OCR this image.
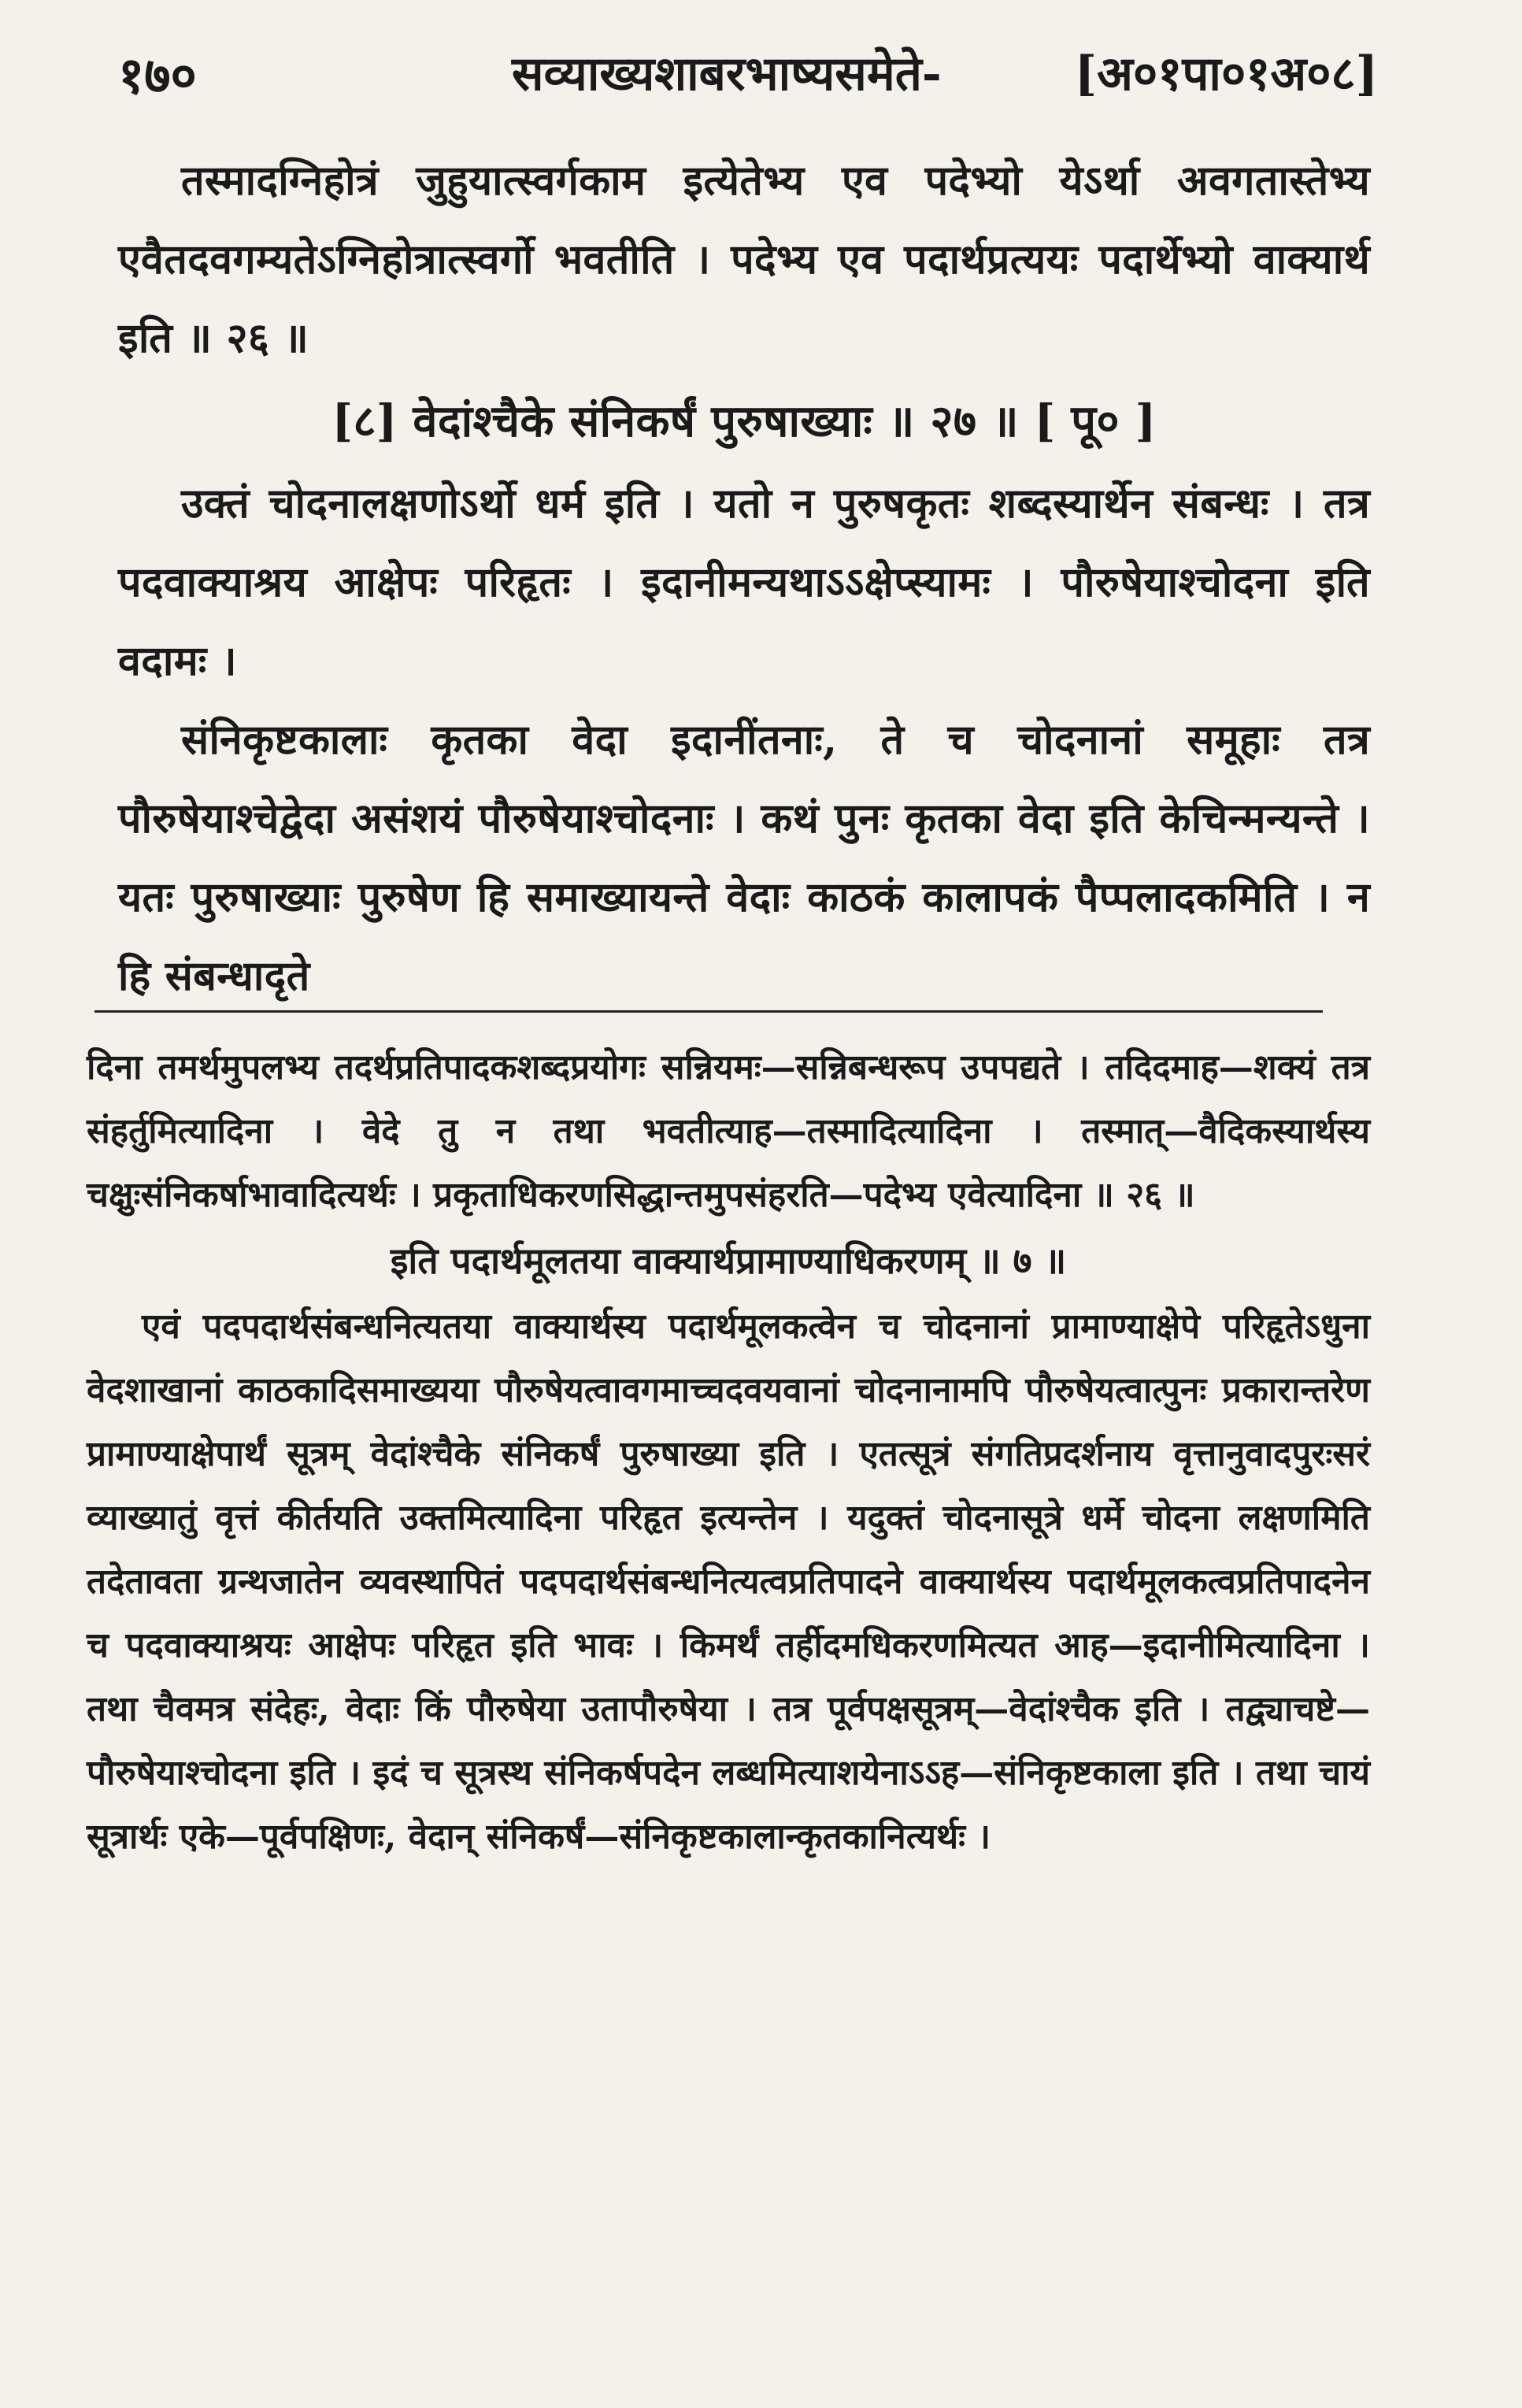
१७०	सव्याख्यशाबरभाष्यसमेते-	[अ०१पा०१अ०८]

तस्मादग्निहोत्रं जुहुयात्स्वर्गकाम इत्येतेभ्य एव पदेभ्यो येऽर्था अवगतास्तेभ्य एवैतदवगम्यतेऽग्निहोत्रात्स्वर्गो भवतीति । पदेभ्य एव पदार्थप्रत्ययः पदार्थेभ्यो वाक्यार्थ इति ॥ २६ ॥

[८] वेदांश्चैके संनिकर्षं पुरुषाख्याः ॥ २७ ॥ [ पू० ]

उक्तं चोदनालक्षणोऽर्थो धर्म इति । यतो न पुरुषकृतः शब्दस्यार्थेन संबन्धः । तत्र पदवाक्याश्रय आक्षेपः परिहृतः । इदानीमन्यथाऽऽक्षेप्स्यामः । पौरुषेयाश्चोदना इति वदामः ।

संनिकृष्टकालाः कृतका वेदा इदानींतनाः, ते च चोदनानां समूहाः तत्र पौरुषेयाश्चेद्वेदा असंशयं पौरुषेयाश्चोदनाः । कथं पुनः कृतका वेदा इति केचिन्मन्यन्ते । यतः पुरुषाख्याः पुरुषेण हि समाख्यायन्ते वेदाः काठकं कालापकं पैप्पलादकमिति । न हि संबन्धादृते

दिना तमर्थमुपलभ्य तदर्थप्रतिपादकशब्दप्रयोगः सन्नियमः—सन्निबन्धरूप उपपद्यते । तदिदमाह—शक्यं तत्र संहर्तुमित्यादिना । वेदे तु न तथा भवतीत्याह—तस्मादित्यादिना । तस्मात्—वैदिकस्यार्थस्य चक्षुःसंनिकर्षाभावादित्यर्थः । प्रकृताधिकरणसिद्धान्तमुपसंहरति—पदेभ्य एवेत्यादिना ॥ २६ ॥

इति पदार्थमूलतया वाक्यार्थप्रामाण्याधिकरणम् ॥ ७ ॥

एवं पदपदार्थसंबन्धनित्यतया वाक्यार्थस्य पदार्थमूलकत्वेन च चोदनानां प्रामाण्याक्षेपे परिहृतेऽधुना वेदशाखानां काठकादिसमाख्यया पौरुषेयत्वावगमाच्चदवयवानां चोदनानामपि पौरुषेयत्वात्पुनः प्रकारान्तरेण प्रामाण्याक्षेपार्थं सूत्रम् वेदांश्चैके संनिकर्षं पुरुषाख्या इति । एतत्सूत्रं संगतिप्रदर्शनाय वृत्तानुवादपुरःसरं व्याख्यातुं वृत्तं कीर्तयति उक्तमित्यादिना परिहृत इत्यन्तेन । यदुक्तं चोदनासूत्रे धर्मे चोदना लक्षणमिति तदेतावता ग्रन्थजातेन व्यवस्थापितं पदपदार्थसंबन्धनित्यत्वप्रतिपादने वाक्यार्थस्य पदार्थमूलकत्वप्रतिपादनेन च पदवाक्याश्रयः आक्षेपः परिहृत इति भावः । किमर्थं तर्हीदमधिकरणमित्यत आह—इदानीमित्यादिना । तथा चैवमत्र संदेहः, वेदाः किं पौरुषेया उतापौरुषेया । तत्र पूर्वपक्षसूत्रम्—वेदांश्चैक इति । तद्व्याचष्टे—पौरुषेयाश्चोदना इति । इदं च सूत्रस्थ संनिकर्षपदेन लब्धमित्याशयेनाऽऽह—संनिकृष्टकाला इति । तथा चायं सूत्रार्थः एके—पूर्वपक्षिणः, वेदान् संनिकर्षं—संनिकृष्टकालान्कृतकानित्यर्थः ।
